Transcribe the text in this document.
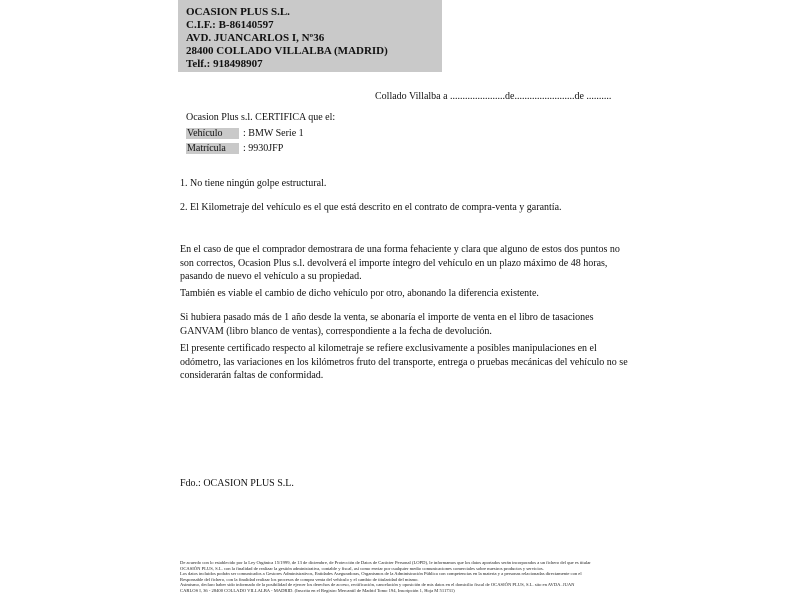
OCASION PLUS S.L.
C.I.F.: B-86140597
AVD. JUANCARLOS I, Nº36
28400 COLLADO VILLALBA (MADRID)
Telf.: 918498907
Collado Villalba a ......................de........................de ..........
Ocasion Plus s.l. CERTIFICA que el:
Vehículo : BMW Serie 1
Matrícula : 9930JFP
1. No tiene ningún golpe estructural.
2. El Kilometraje del vehículo es el que está descrito en el contrato de compra-venta y garantía.
En el caso de que el comprador demostrara de una forma fehaciente y clara que alguno de estos dos puntos no son correctos, Ocasion Plus s.l. devolverá el importe íntegro del vehículo en un plazo máximo de 48 horas, pasando de nuevo el vehículo a su propiedad.
También es viable el cambio de dicho vehículo por otro, abonando la diferencia existente.
Si hubiera pasado más de 1 año desde la venta, se abonaría el importe de venta en el libro de tasaciones GANVAM (libro blanco de ventas), correspondiente a la fecha de devolución.
El presente certificado respecto al kilometraje se refiere exclusivamente a posibles manipulaciones en el odómetro, las variaciones en los kilómetros fruto del transporte, entrega o pruebas mecánicas del vehículo no se considerarán faltas de conformidad.
Fdo.: OCASION PLUS S.L.
De acuerdo con lo establecido por la Ley Orgánica 15/1999, de 13 de diciembre, de Protección de Datos de Carácter Personal (LOPD), le informamos que los datos aportados serán incorporados a un fichero del que es titular
OCASIÓN PLUS, S.L. con la finalidad de realizar la gestión administrativa, contable y fiscal, así como enviar por cualquier medio comunicaciones comerciales sobre nuestros productos y servicios.
Los datos incluidos podrán ser comunicados a Gestores Administrativos, Entidades Aseguradoras, Organismos de la Administración Pública con competencias en la materia y a personas relacionadas directamente con el
Responsable del fichero, con la finalidad realizar los procesos de compra venta del vehículo y el cambio de titularidad del mismo.
Asimismo, declaro haber sido informado de la posibilidad de ejercer los derechos de acceso, rectificación, cancelación y oposición de mis datos en el domicilio fiscal de OCASIÓN PLUS, S.L. sito en AVDA. JUAN
CARLOS I, 36 - 28400 COLLADO VILLALBA - MADRID. (Inscrita en el Registro Mercantil de Madrid Tomo 194, Inscripción 1, Hoja M 511731)
